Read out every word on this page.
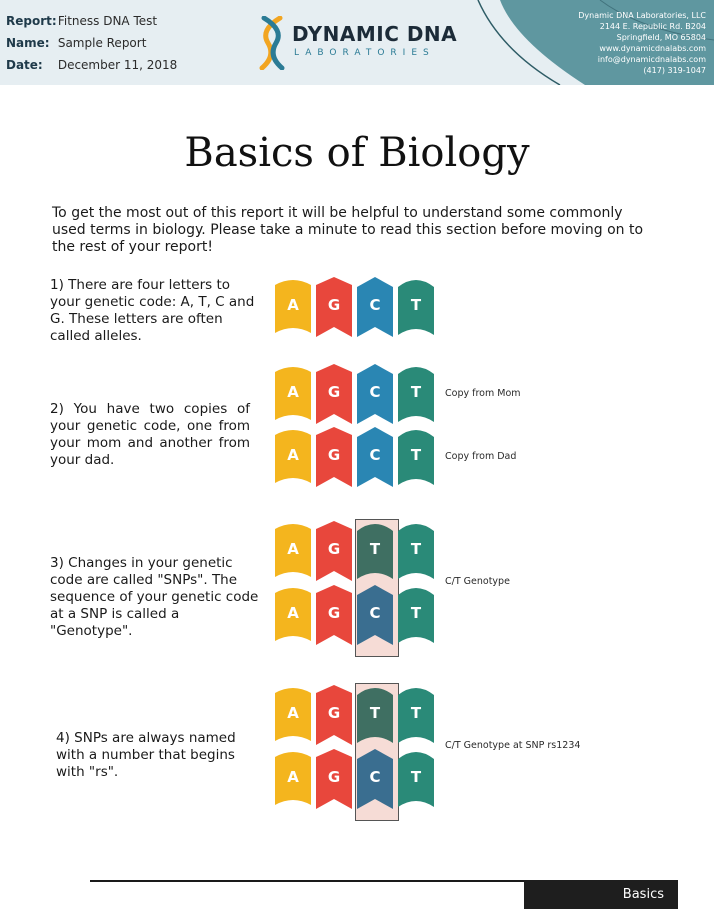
Report: Fitness DNA Test
Name: Sample Report
Date: December 11, 2018
DYNAMIC DNA
LABORATORIES
Dynamic DNA Laboratories, LLC
2144 E. Republic Rd. B204
Springfield, MO 65804
www.dynamicdnalabs.com
info@dynamicdnalabs.com
(417) 319-1047
Basics of Biology
To get the most out of this report it will be helpful to understand some commonly used terms in biology. Please take a minute to read this section before moving on to the rest of your report!
1) There are four letters to your genetic code: A, T, C and G. These letters are often called alleles.
2) You have two copies of your genetic code, one from your mom and another from your dad.
3) Changes in your genetic code are called "SNPs". The sequence of your genetic code at a SNP is called a "Genotype".
4) SNPs are always named with a number that begins with "rs".
A	G	C	T
A	G	C	T
A	G	C	T
A	G	T	T
A	G	C	T
A	G	T	T
A	G	C	T
Copy from Mom
Copy from Dad
C/T Genotype
C/T Genotype at SNP rs1234
Basics
